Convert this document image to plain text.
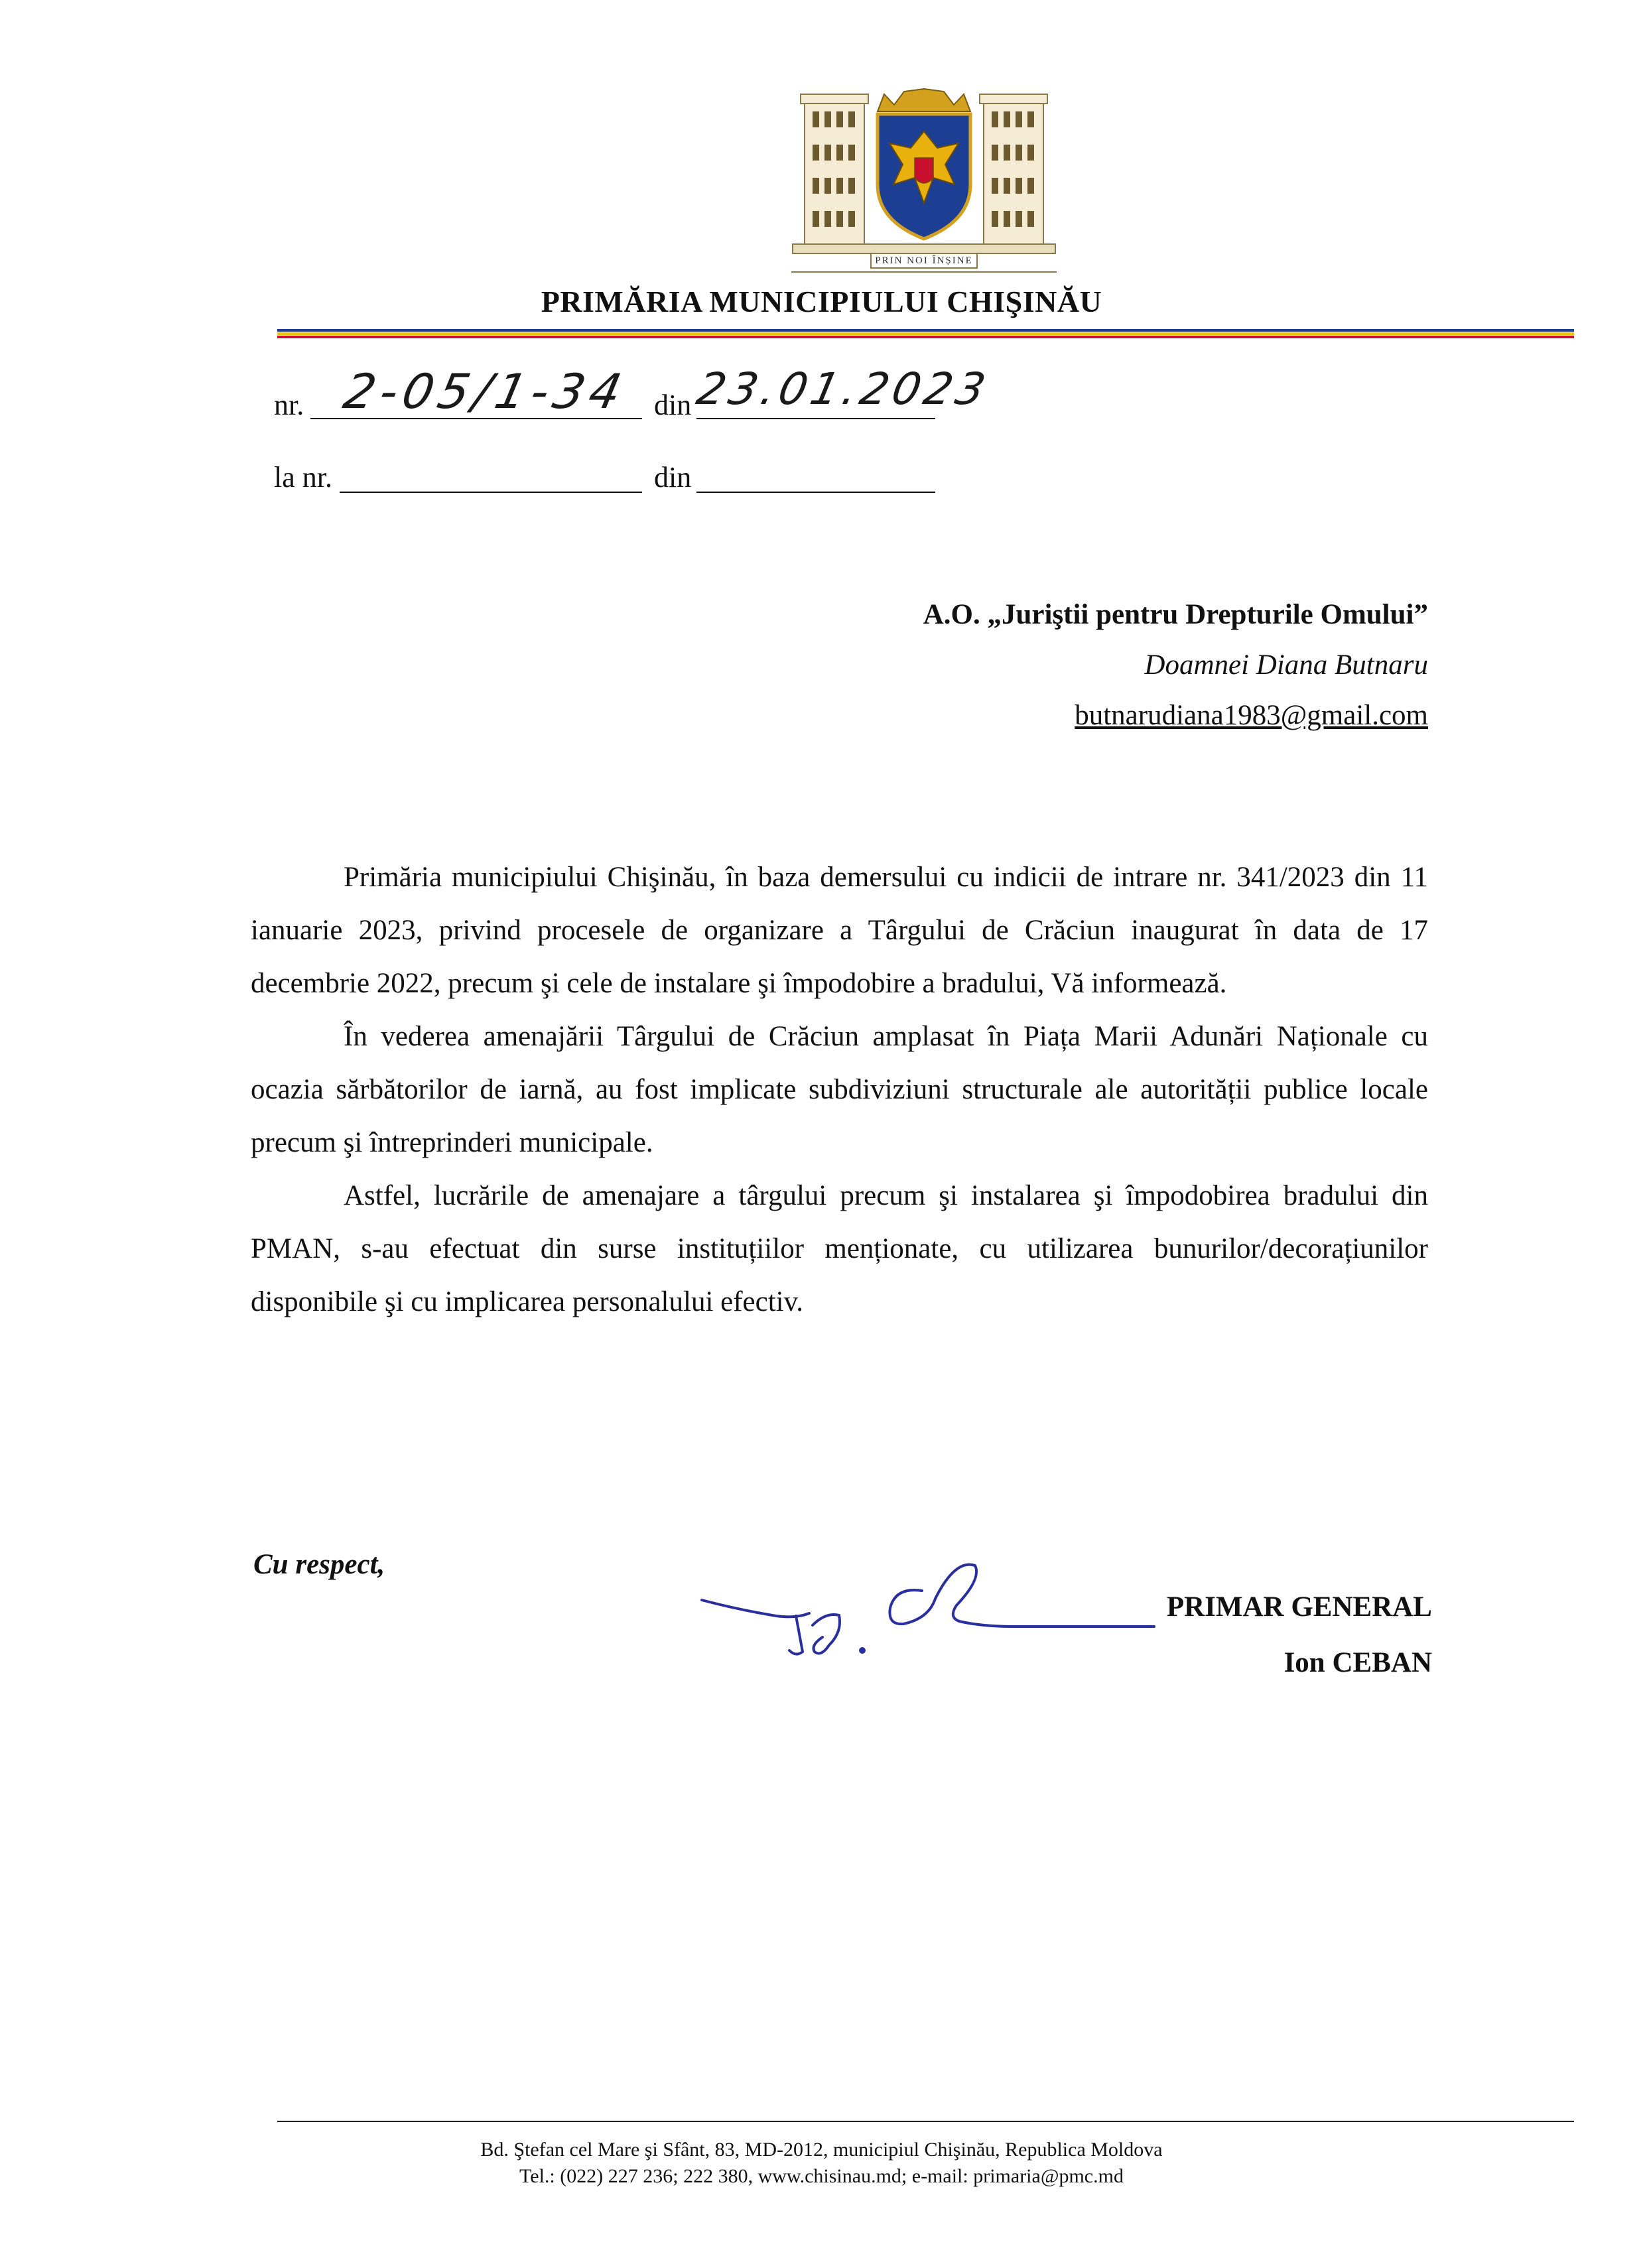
PRIN NOI ÎNȘINE
PRIMĂRIA MUNICIPIULUI CHIŞINĂU
nr. 2-05/1-34 din 23.01.2023
la nr.	din
A.O. „Juriştii pentru Drepturile Omului”
Doamnei Diana Butnaru
butnarudiana1983@gmail.com

Primăria municipiului Chişinău, în baza demersului cu indicii de intrare nr. 341/2023 din 11 ianuarie 2023, privind procesele de organizare a Târgului de Crăciun inaugurat în data de 17 decembrie 2022, precum şi cele de instalare şi împodobire a bradului, Vă informează.

În vederea amenajării Târgului de Crăciun amplasat în Piața Marii Adunări Naționale cu ocazia sărbătorilor de iarnă, au fost implicate subdiviziuni structurale ale autorității publice locale precum şi întreprinderi municipale.

Astfel, lucrările de amenajare a târgului precum şi instalarea şi împodobirea bradului din PMAN, s-au efectuat din surse instituțiilor menționate, cu utilizarea bunurilor/decorațiunilor disponibile şi cu implicarea personalului efectiv.

Cu respect,
PRIMAR GENERAL
Ion CEBAN
Bd. Ştefan cel Mare şi Sfânt, 83, MD-2012, municipiul Chişinău, Republica Moldova
Tel.: (022) 227 236; 222 380, www.chisinau.md; e-mail: primaria@pmc.md
